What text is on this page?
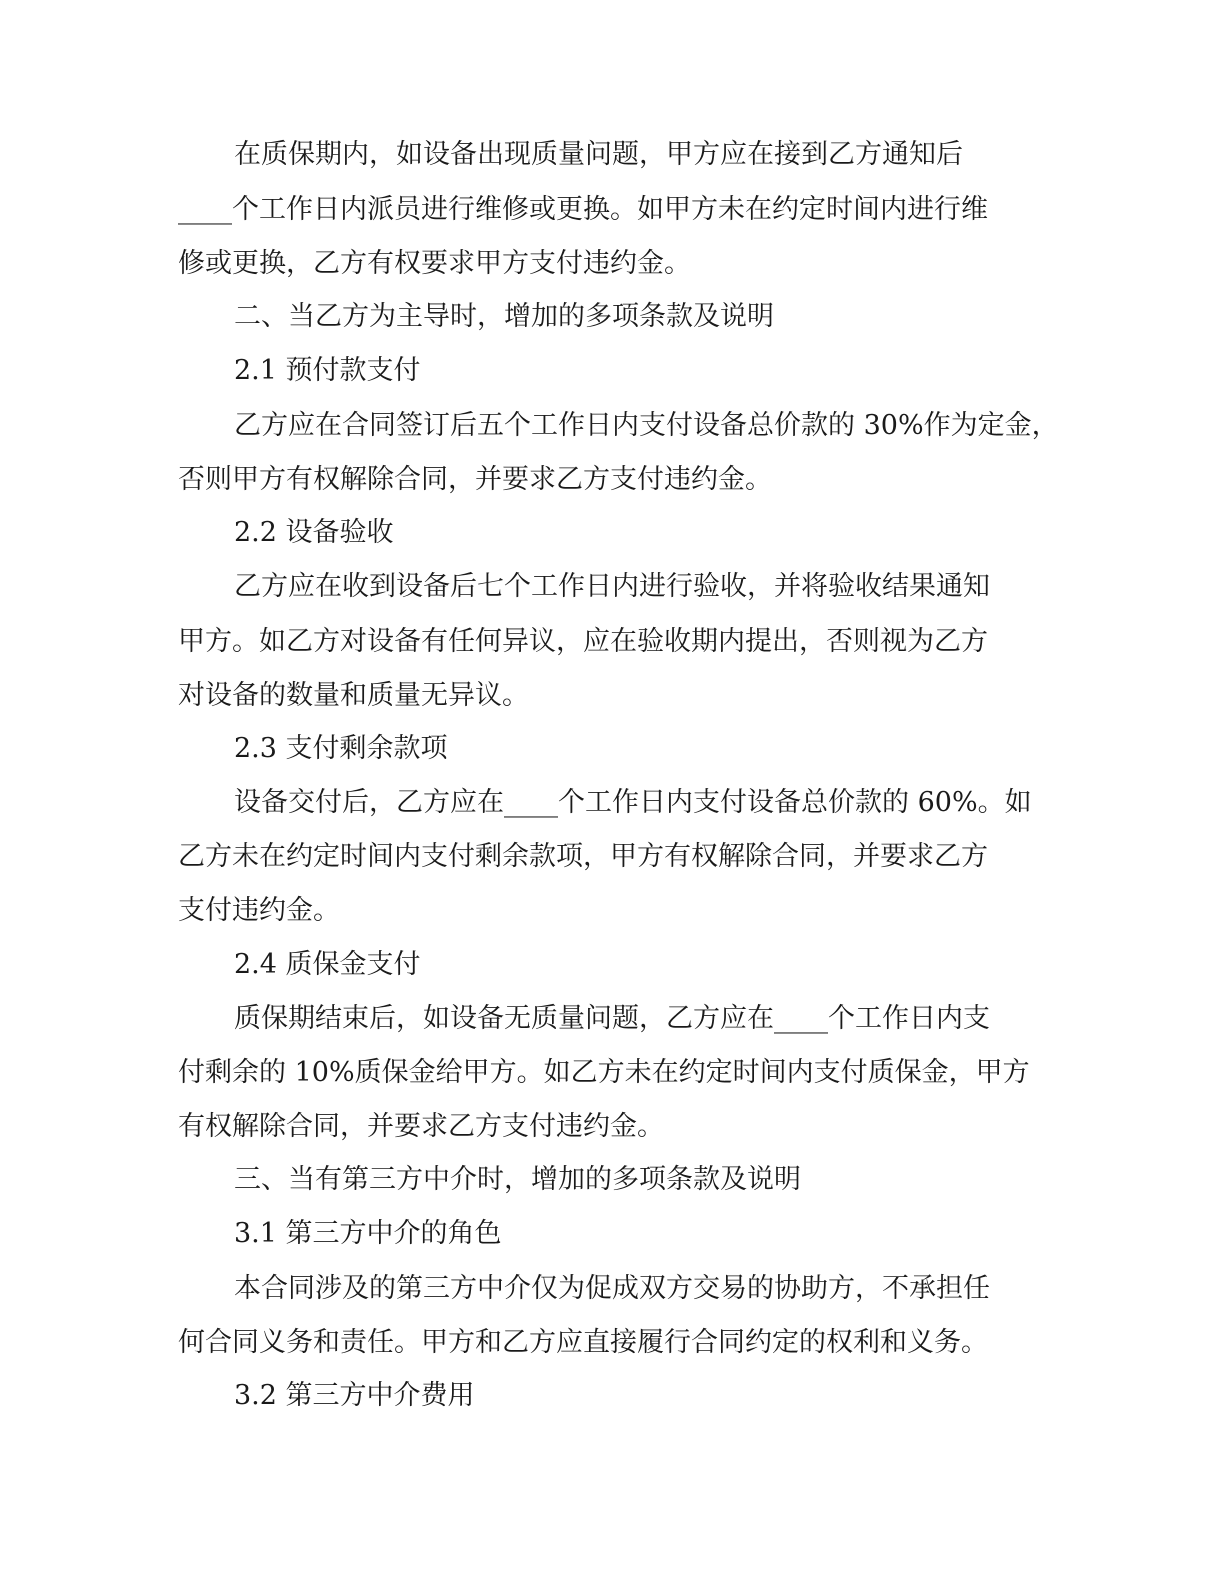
在质保期内，如设备出现质量问题，甲方应在接到乙方通知后
____个工作日内派员进行维修或更换。如甲方未在约定时间内进行维
修或更换，乙方有权要求甲方支付违约金。
二、当乙方为主导时，增加的多项条款及说明
2.1 预付款支付
乙方应在合同签订后五个工作日内支付设备总价款的 30%作为定金，
否则甲方有权解除合同，并要求乙方支付违约金。
2.2 设备验收
乙方应在收到设备后七个工作日内进行验收，并将验收结果通知
甲方。如乙方对设备有任何异议，应在验收期内提出，否则视为乙方
对设备的数量和质量无异议。
2.3 支付剩余款项
设备交付后，乙方应在____个工作日内支付设备总价款的 60%。如
乙方未在约定时间内支付剩余款项，甲方有权解除合同，并要求乙方
支付违约金。
2.4 质保金支付
质保期结束后，如设备无质量问题，乙方应在____个工作日内支
付剩余的 10%质保金给甲方。如乙方未在约定时间内支付质保金，甲方
有权解除合同，并要求乙方支付违约金。
三、当有第三方中介时，增加的多项条款及说明
3.1 第三方中介的角色
本合同涉及的第三方中介仅为促成双方交易的协助方，不承担任
何合同义务和责任。甲方和乙方应直接履行合同约定的权利和义务。
3.2 第三方中介费用
